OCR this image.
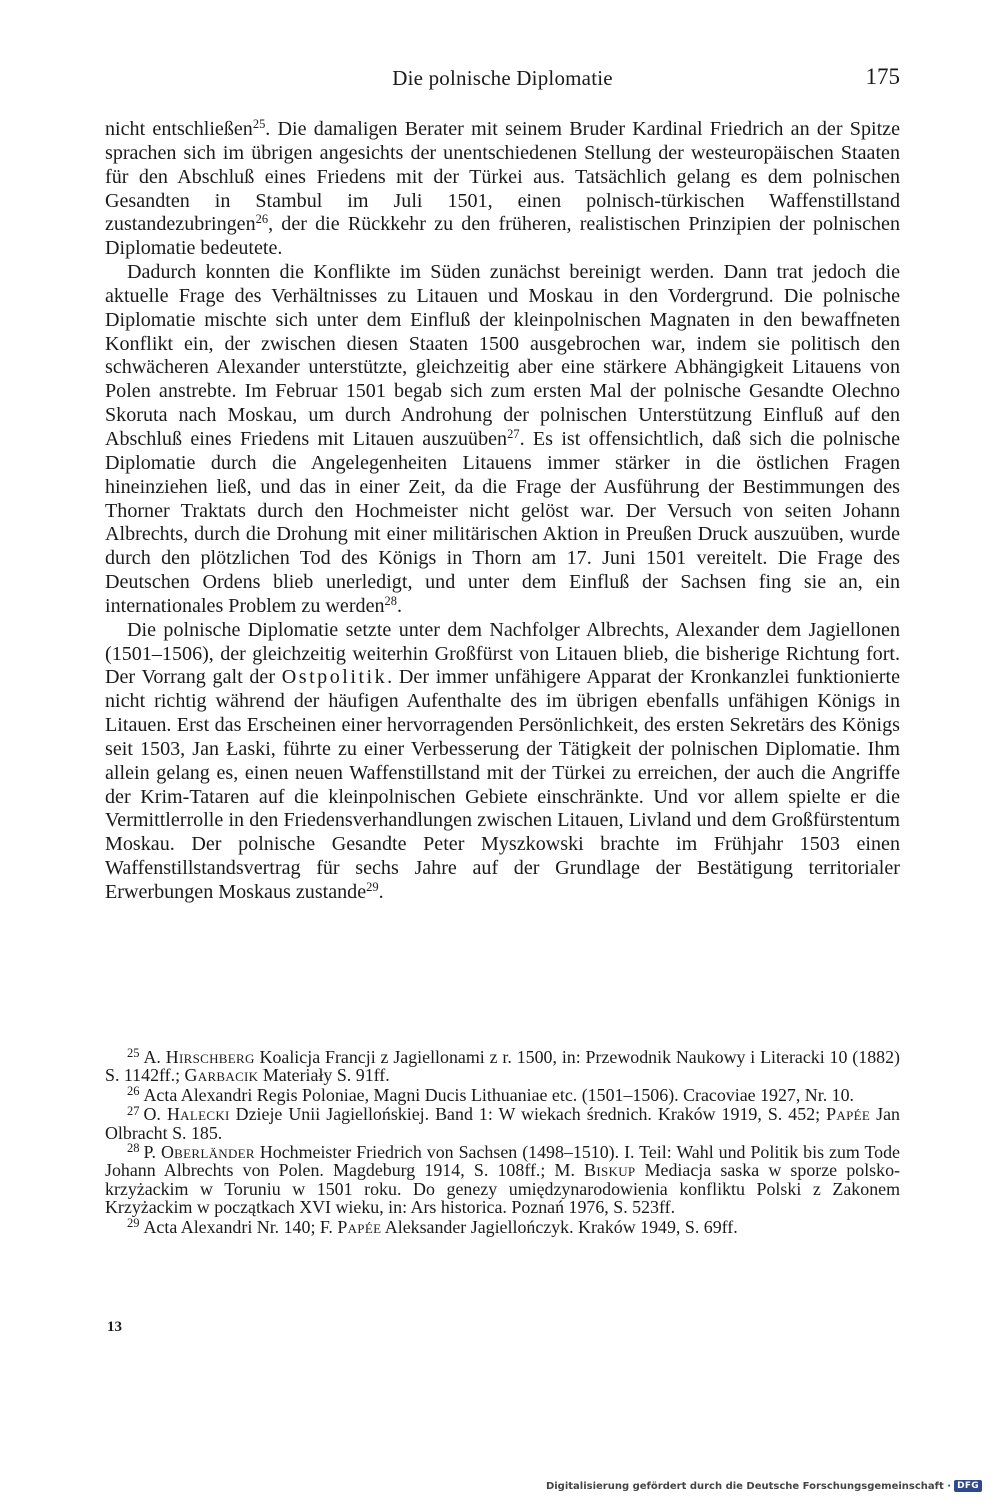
Die polnische Diplomatie	175

nicht entschließen$^{25}$. Die damaligen Berater mit seinem Bruder Kardinal Friedrich an der Spitze sprachen sich im übrigen angesichts der unentschiedenen Stellung der westeuropäischen Staaten für den Abschluß eines Friedens mit der Türkei aus. Tatsächlich gelang es dem polnischen Gesandten in Stambul im Juli 1501, einen polnisch-türkischen Waffenstillstand zustandezubringen$^{26}$, der die Rückkehr zu den früheren, realistischen Prinzipien der polnischen Diplomatie bedeutete.

Dadurch konnten die Konflikte im Süden zunächst bereinigt werden. Dann trat jedoch die aktuelle Frage des Verhältnisses zu Litauen und Moskau in den Vordergrund. Die polnische Diplomatie mischte sich unter dem Einfluß der kleinpolnischen Magnaten in den bewaffneten Konflikt ein, der zwischen diesen Staaten 1500 ausgebrochen war, indem sie politisch den schwächeren Alexander unterstützte, gleichzeitig aber eine stärkere Abhängigkeit Litauens von Polen anstrebte. Im Februar 1501 begab sich zum ersten Mal der polnische Gesandte Olechno Skoruta nach Moskau, um durch Androhung der polnischen Unterstützung Einfluß auf den Abschluß eines Friedens mit Litauen auszuüben$^{27}$. Es ist offensichtlich, daß sich die polnische Diplomatie durch die Angelegenheiten Litauens immer stärker in die östlichen Fragen hineinziehen ließ, und das in einer Zeit, da die Frage der Ausführung der Bestimmungen des Thorner Traktats durch den Hochmeister nicht gelöst war. Der Versuch von seiten Johann Albrechts, durch die Drohung mit einer militärischen Aktion in Preußen Druck auszuüben, wurde durch den plötzlichen Tod des Königs in Thorn am 17. Juni 1501 vereitelt. Die Frage des Deutschen Ordens blieb unerledigt, und unter dem Einfluß der Sachsen fing sie an, ein internationales Problem zu werden$^{28}$.

Die polnische Diplomatie setzte unter dem Nachfolger Albrechts, Alexander dem Jagiellonen (1501–1506), der gleichzeitig weiterhin Großfürst von Litauen blieb, die bisherige Richtung fort. Der Vorrang galt der Ostpolitik. Der immer unfähigere Apparat der Kronkanzlei funktionierte nicht richtig während der häufigen Aufenthalte des im übrigen ebenfalls unfähigen Königs in Litauen. Erst das Erscheinen einer hervorragenden Persönlichkeit, des ersten Sekretärs des Königs seit 1503, Jan Łaski, führte zu einer Verbesserung der Tätigkeit der polnischen Diplomatie. Ihm allein gelang es, einen neuen Waffenstillstand mit der Türkei zu erreichen, der auch die Angriffe der Krim-Tataren auf die kleinpolnischen Gebiete einschränkte. Und vor allem spielte er die Vermittlerrolle in den Friedensverhandlungen zwischen Litauen, Livland und dem Großfürstentum Moskau. Der polnische Gesandte Peter Myszkowski brachte im Frühjahr 1503 einen Waffenstillstandsvertrag für sechs Jahre auf der Grundlage der Bestätigung territorialer Erwerbungen Moskaus zustande$^{29}$.

$^{25}$ A. Hirschberg Koalicja Francji z Jagiellonami z r. 1500, in: Przewodnik Naukowy i Literacki 10 (1882) S. 1142ff.; Garbacik Materiały S. 91ff.

$^{26}$ Acta Alexandri Regis Poloniae, Magni Ducis Lithuaniae etc. (1501–1506). Cracoviae 1927, Nr. 10.

$^{27}$ O. Halecki Dzieje Unii Jagiellońskiej. Band 1: W wiekach średnich. Kraków 1919, S. 452; Papée Jan Olbracht S. 185.

$^{28}$ P. Oberländer Hochmeister Friedrich von Sachsen (1498–1510). I. Teil: Wahl und Politik bis zum Tode Johann Albrechts von Polen. Magdeburg 1914, S. 108ff.; M. Biskup Mediacja saska w sporze polsko-krzyżackim w Toruniu w 1501 roku. Do genezy umiędzynarodowienia konfliktu Polski z Zakonem Krzyżackim w początkach XVI wieku, in: Ars historica. Poznań 1976, S. 523ff.

$^{29}$ Acta Alexandri Nr. 140; F. Papée Aleksander Jagiellończyk. Kraków 1949, S. 69ff.

13
Digitalisierung gefördert durch die Deutsche Forschungsgemeinschaft · DFG
